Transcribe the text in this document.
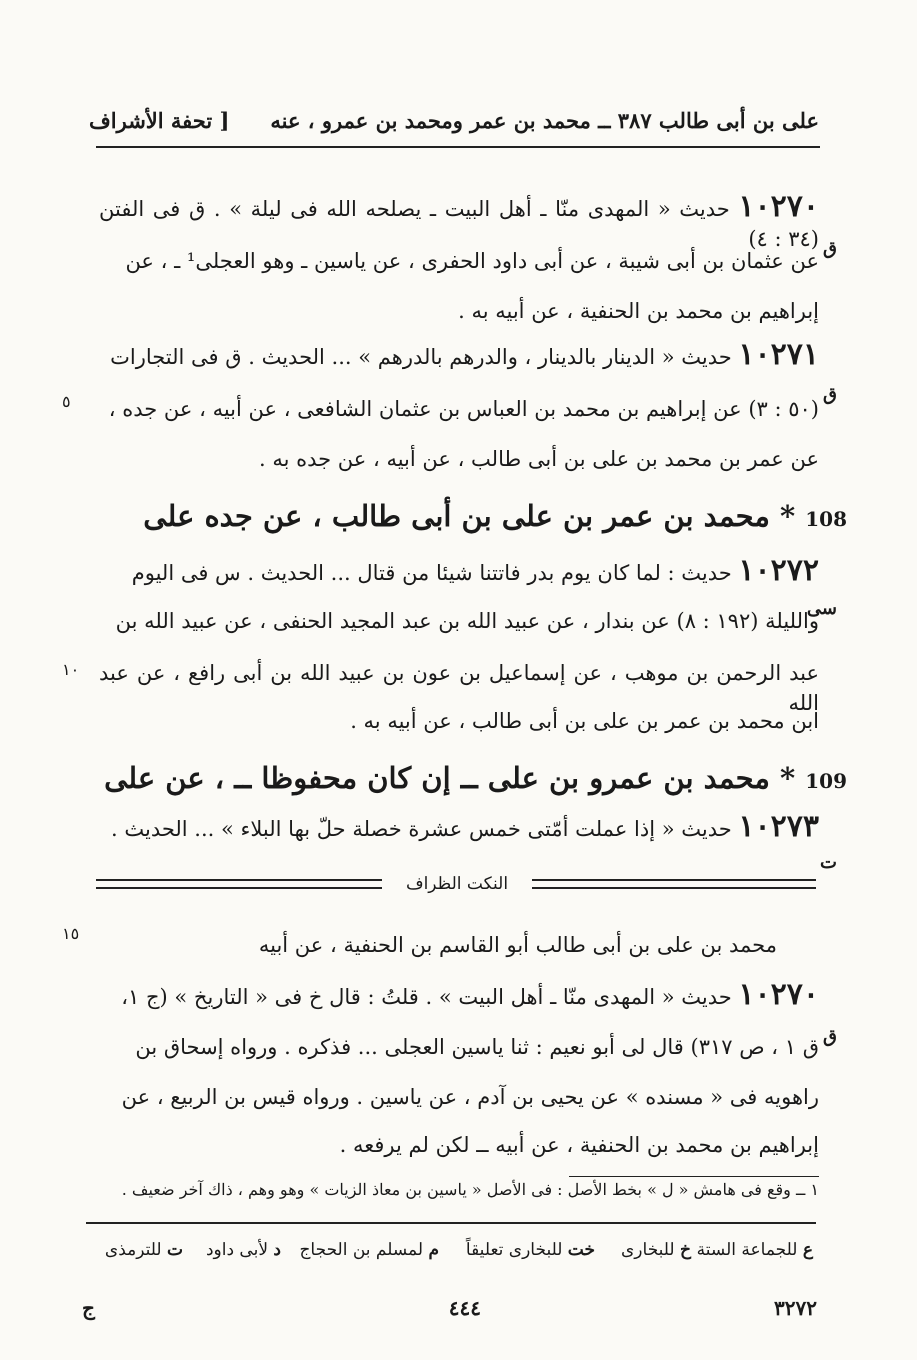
على بن أبى طالب ٣٨٧ ــ محمد بن عمر ومحمد بن عمرو ، عنه
[ تحفة الأشراف
١٠٢٧٠ حديث « المهدى منّا ـ أهل البيت ـ يصلحه الله فى ليلة » . ق فى الفتن (٣٤ : ٤) ق
عن عثمان بن أبى شيبة ، عن أبى داود الحفرى ، عن ياسين ـ وهو العجلى¹ ـ ، عن
إبراهيم بن محمد بن الحنفية ، عن أبيه به .
١٠٢٧١ حديث « الدينار بالدينار ، والدرهم بالدرهم » ... الحديث . ق فى التجارات
ق
٥	(٥٠ : ٣) عن إبراهيم بن محمد بن العباس بن عثمان الشافعى ، عن أبيه ، عن جده ،
عن عمر بن محمد بن على بن أبى طالب ، عن أبيه ، عن جده به .
108 * محمد بن عمر بن على بن أبى طالب ، عن جده على
١٠٢٧٢ حديث : لما كان يوم بدر فاتتنا شيئا من قتال ... الحديث . س فى اليوم
سى
والليلة (١٩٢ : ٨) عن بندار ، عن عبيد الله بن عبد المجيد الحنفى ، عن عبيد الله بن
١٠ عبد الرحمن بن موهب ، عن إسماعيل بن عون بن عبيد الله بن أبى رافع ، عن عبد الله
ابن محمد بن عمر بن على بن أبى طالب ، عن أبيه به .
109 * محمد بن عمرو بن على ــ إن كان محفوظا ــ ، عن على
١٠٢٧٣ حديث « إذا عملت أمّتى خمس عشرة خصلة حلّ بها البلاء » ... الحديث .
ت
النكت الظراف
محمد بن على بن أبى طالب أبو القاسم بن الحنفية ، عن أبيه
١٥
١٠٢٧٠ حديث « المهدى منّا ـ أهل البيت » . قلتُ : قال خ فى « التاريخ » (ج ١،
ق
ق ١ ، ص ٣١٧) قال لى أبو نعيم : ثنا ياسين العجلى ... فذكره . ورواه إسحاق بن
راهويه فى « مسنده » عن يحيى بن آدم ، عن ياسين . ورواه قيس بن الربيع ، عن
إبراهيم بن محمد بن الحنفية ، عن أبيه ــ لكن لم يرفعه .
١ ــ وقع فى هامش « ل » بخط الأصل : فى الأصل « ياسين بن معاذ الزيات » وهو وهم ، ذاك آخر ضعيف .
ع للجماعة الستة
خ للبخارى
خت للبخارى تعليقاً
م لمسلم بن الحجاج
د لأبى داود
ت للترمذى
٣٢٧٢
٤٤٤
ج
